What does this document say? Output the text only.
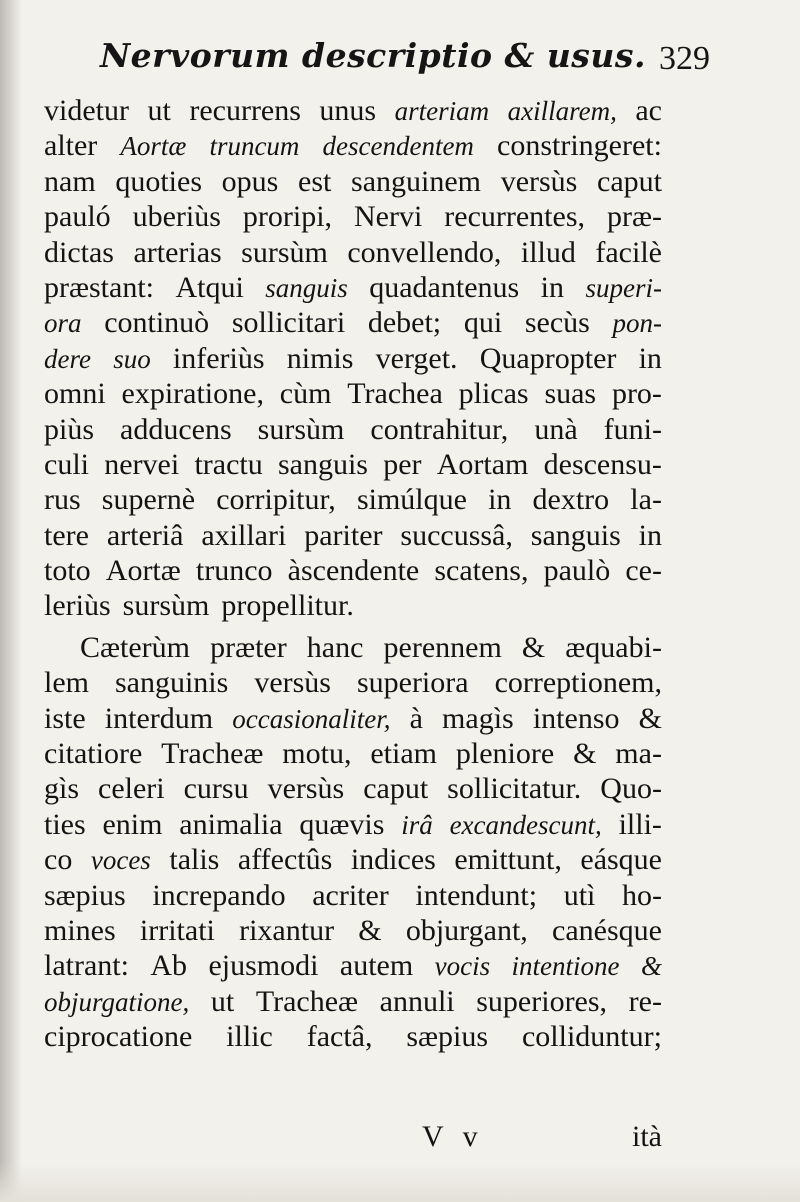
Nervorum descriptio & usus. 329
videtur ut recurrens unus arteriam axillarem, ac
alter Aortæ truncum descendentem constringeret:
nam quoties opus est sanguinem versùs caput
pauló uberiùs proripi, Nervi recurrentes, præ-
dictas arterias sursùm convellendo, illud facilè
præstant: Atqui sanguis quadantenus in superi-
ora continuò sollicitari debet; qui secùs pon-
dere suo inferiùs nimis verget. Quapropter in
omni expiratione, cùm Trachea plicas suas pro-
piùs adducens sursùm contrahitur, unà funi-
culi nervei tractu sanguis per Aortam descensu-
rus supernè corripitur, simúlque in dextro la-
tere arteriâ axillari pariter succussâ, sanguis in
toto Aortæ trunco àscendente scatens, paulò ce-
leriùs sursùm propellitur.
Cæterùm præter hanc perennem & æquabi-
lem sanguinis versùs superiora correptionem,
iste interdum occasionaliter, à magìs intenso &
citatiore Tracheæ motu, etiam pleniore & ma-
gìs celeri cursu versùs caput sollicitatur. Quo-
ties enim animalia quævis irâ excandescunt, illi-
co voces talis affectûs indices emittunt, eásque
sæpius increpando acriter intendunt; utì ho-
mines irritati rixantur & objurgant, canésque
latrant: Ab ejusmodi autem vocis intentione &
objurgatione, ut Tracheæ annuli superiores, re-
ciprocatione illic factâ, sæpius colliduntur;
V v	ità
